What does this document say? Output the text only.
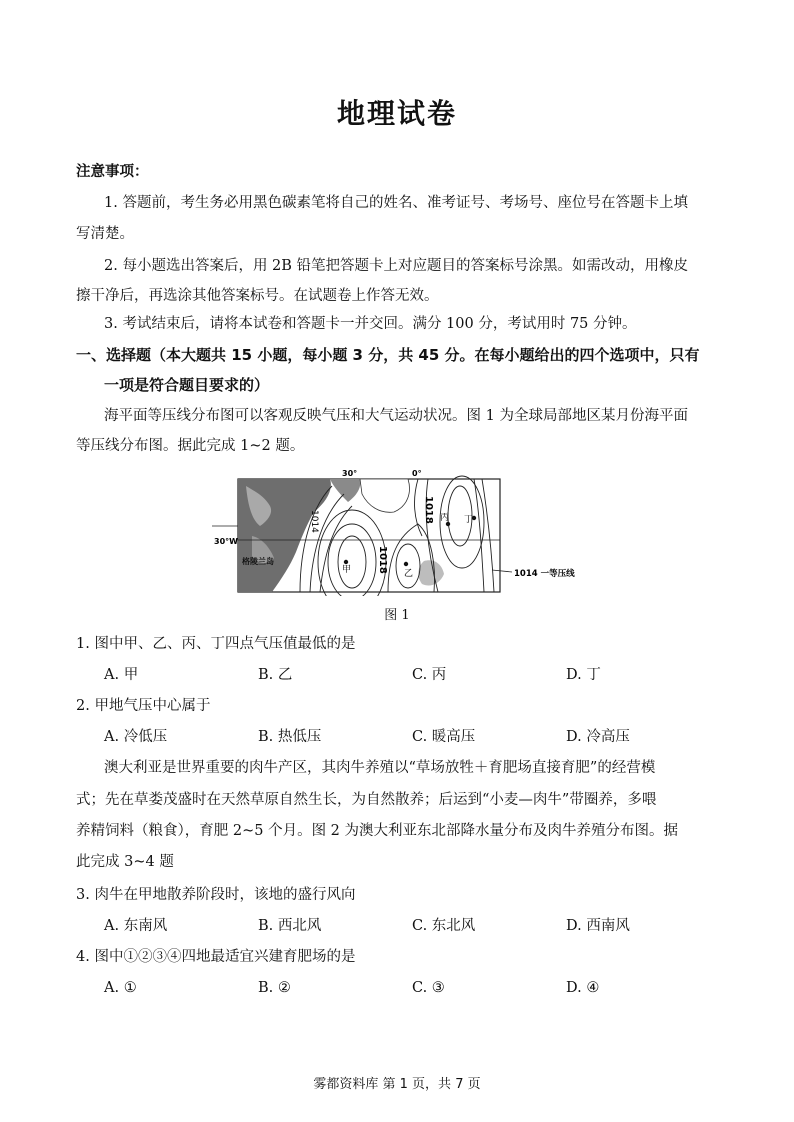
地理试卷
注意事项：
1. 答题前，考生务必用黑色碳素笔将自己的姓名、准考证号、考场号、座位号在答题卡上填
写清楚。
2. 每小题选出答案后，用 2B 铅笔把答题卡上对应题目的答案标号涂黑。如需改动，用橡皮
擦干净后，再选涂其他答案标号。在试题卷上作答无效。
3. 考试结束后，请将本试卷和答题卡一并交回。满分 100 分，考试用时 75 分钟。
一、选择题（本大题共 15 小题，每小题 3 分，共 45 分。在每小题给出的四个选项中，只有
一项是符合题目要求的）
海平面等压线分布图可以客观反映气压和大气运动状况。图 1 为全球局部地区某月份海平面
等压线分布图。据此完成 1~2 题。
30°	0°
30°W
格陵兰岛
1014
1018
1018
甲	乙
丙 丁
1014 一等压线
图 1
1. 图中甲、乙、丙、丁四点气压值最低的是
A. 甲	B. 乙	C. 丙	D. 丁
2. 甲地气压中心属于
A. 冷低压	B. 热低压	C. 暖高压	D. 冷高压
澳大利亚是世界重要的肉牛产区，其肉牛养殖以“草场放牲＋育肥场直接育肥”的经营模
式；先在草娄茂盛时在天然草原自然生长，为自然散养；后运到“小麦—肉牛”带圈养，多喂
养精饲料（粮食），育肥 2~5 个月。图 2 为澳大利亚东北部降水量分布及肉牛养殖分布图。据
此完成 3~4 题
3. 肉牛在甲地散养阶段时，该地的盛行风向
A. 东南风	B. 西北风	C. 东北风	D. 西南风
4. 图中①②③④四地最适宜兴建育肥场的是
A. ①	B. ②	C. ③	D. ④
雾都资料库 第 1 页，共 7 页
